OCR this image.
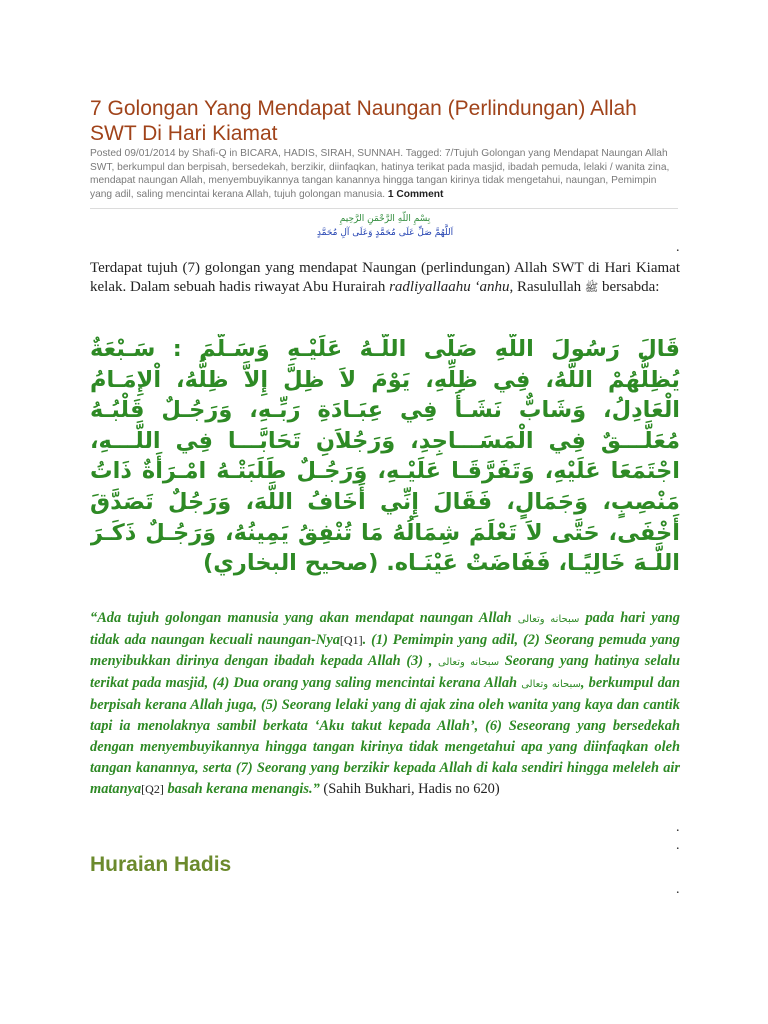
7 Golongan Yang Mendapat Naungan (Perlindungan) Allah SWT Di Hari Kiamat
Posted 09/01/2014 by Shafi-Q in BICARA, HADIS, SIRAH, SUNNAH. Tagged: 7/Tujuh Golongan yang Mendapat Naungan Allah SWT, berkumpul dan berpisah, bersedekah, berzikir, diinfaqkan, hatinya terikat pada masjid, ibadah pemuda, lelaki / wanita zina, mendapat naungan Allah, menyembuyikannya tangan kanannya hingga tangan kirinya tidak mengetahui, naungan, Pemimpin yang adil, saling mencintai kerana Allah, tujuh golongan manusia. 1 Comment
بِسْمِ اللّهِ الرَّحْمَنِ الرَّحِيمِ
اَللَّهُمَّ صَلِّ عَلَى مُحَمَّدٍ وَعَلَى آلِ مُحَمَّدٍ
.

Terdapat tujuh (7) golongan yang mendapat Naungan (perlindungan) Allah SWT di Hari Kiamat kelak. Dalam sebuah hadis riwayat Abu Hurairah radliyallaahu ‘anhu, Rasulullah ﷺ bersabda:

قَالَ رَسُولَ اللَّهِ صَلَّى اللَّـهُ عَلَيْـهِ وَسَـلَّمَ : سَـبْعَةٌ يُظِلُّهُمْ اللَّهُ، فِي ظِلِّهِ، يَوْمَ لاَ ظِلَّ إِلاَّ ظِلُّهُ، اْلإِمَـامُ الْعَادِلُ، وَشَابٌّ نَشَـأَ فِي عِبَـادَةِ رَبِّـهِ، وَرَجُـلٌ قَلْبُـهُ مُعَلَّـــقٌ فِي الْمَسَـــاجِدِ، وَرَجُلاَنِ تَحَابَّـــا فِي اللَّـــهِ، اجْتَمَعَا عَلَيْهِ، وَتَفَرَّقَـا عَلَيْـهِ، وَرَجُـلٌ طَلَبَتْـهُ امْـرَأَةٌ ذَاتُ مَنْصِبٍ، وَجَمَالٍ، فَقَالَ إِنِّي أَخَافُ اللَّهَ، وَرَجُلٌ تَصَدَّقَ أَخْفَى، حَتَّى لاَ تَعْلَمَ شِمَالُهُ مَا تُنْفِقُ يَمِينُهُ، وَرَجُـلٌ ذَكَـرَ اللَّـهَ خَالِيًـا، فَفَاضَتْ عَيْنَـاه. (صحيح البخاري)

“Ada tujuh golongan manusia yang akan mendapat naungan Allah سبحانه وتعالى pada hari yang tidak ada naungan kecuali naungan-Nya[Q1]. (1) Pemimpin yang adil, (2) Seorang pemuda yang menyibukkan dirinya dengan ibadah kepada Allah (3) , سبحانه وتعالى Seorang yang hatinya selalu terikat pada masjid, (4) Dua orang yang saling mencintai kerana Allah سبحانه وتعالى, berkumpul dan berpisah kerana Allah juga, (5) Seorang lelaki yang di ajak zina oleh wanita yang kaya dan cantik tapi ia menolaknya sambil berkata ‘Aku takut kepada Allah’, (6) Seseorang yang bersedekah dengan menyembuyikannya hingga tangan kirinya tidak mengetahui apa yang diinfaqkan oleh tangan kanannya, serta (7) Seorang yang berzikir kepada Allah di kala sendiri hingga meleleh air matanya[Q2] basah kerana menangis.” (Sahih Bukhari, Hadis no 620)

.
.
Huraian Hadis
.
